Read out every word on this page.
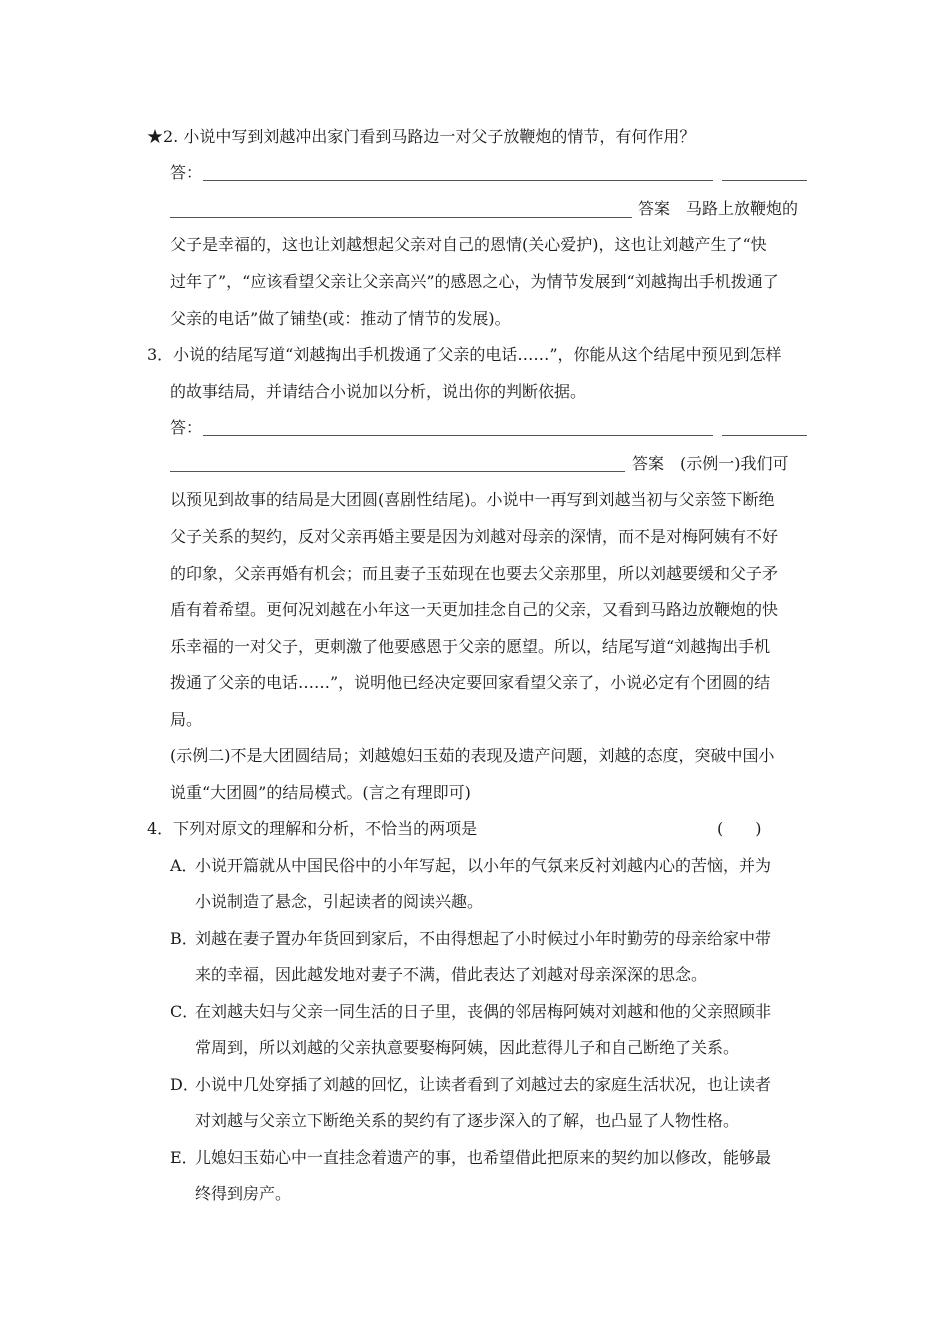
★2. 小说中写到刘越冲出家门看到马路边一对父子放鞭炮的情节，有何作用？
答：
答案　马路上放鞭炮的
父子是幸福的，这也让刘越想起父亲对自己的恩情(关心爱护)，这也让刘越产生了“快
过年了”，“应该看望父亲让父亲高兴”的感恩之心，为情节发展到“刘越掏出手机拨通了
父亲的电话”做了铺垫(或：推动了情节的发展)。
3．小说的结尾写道“刘越掏出手机拨通了父亲的电话……”，你能从这个结尾中预见到怎样
的故事结局，并请结合小说加以分析，说出你的判断依据。
答：
答案　(示例一)我们可
以预见到故事的结局是大团圆(喜剧性结尾)。小说中一再写到刘越当初与父亲签下断绝
父子关系的契约，反对父亲再婚主要是因为刘越对母亲的深情，而不是对梅阿姨有不好
的印象，父亲再婚有机会；而且妻子玉茹现在也要去父亲那里，所以刘越要缓和父子矛
盾有着希望。更何况刘越在小年这一天更加挂念自己的父亲，又看到马路边放鞭炮的快
乐幸福的一对父子，更刺激了他要感恩于父亲的愿望。所以，结尾写道“刘越掏出手机
拨通了父亲的电话……”，说明他已经决定要回家看望父亲了，小说必定有个团圆的结
局。
(示例二)不是大团圆结局；刘越媳妇玉茹的表现及遗产问题，刘越的态度，突破中国小
说重“大团圆”的结局模式。(言之有理即可)
4．下列对原文的理解和分析，不恰当的两项是	(　　)
A．
小说开篇就从中国民俗中的小年写起，以小年的气氛来反衬刘越内心的苦恼，并为
小说制造了悬念，引起读者的阅读兴趣。
B．
刘越在妻子置办年货回到家后，不由得想起了小时候过小年时勤劳的母亲给家中带
来的幸福，因此越发地对妻子不满，借此表达了刘越对母亲深深的思念。
C．
在刘越夫妇与父亲一同生活的日子里，丧偶的邻居梅阿姨对刘越和他的父亲照顾非
常周到，所以刘越的父亲执意要娶梅阿姨，因此惹得儿子和自己断绝了关系。
D．
小说中几处穿插了刘越的回忆，让读者看到了刘越过去的家庭生活状况，也让读者
对刘越与父亲立下断绝关系的契约有了逐步深入的了解，也凸显了人物性格。
E．
儿媳妇玉茹心中一直挂念着遗产的事，也希望借此把原来的契约加以修改，能够最
终得到房产。
